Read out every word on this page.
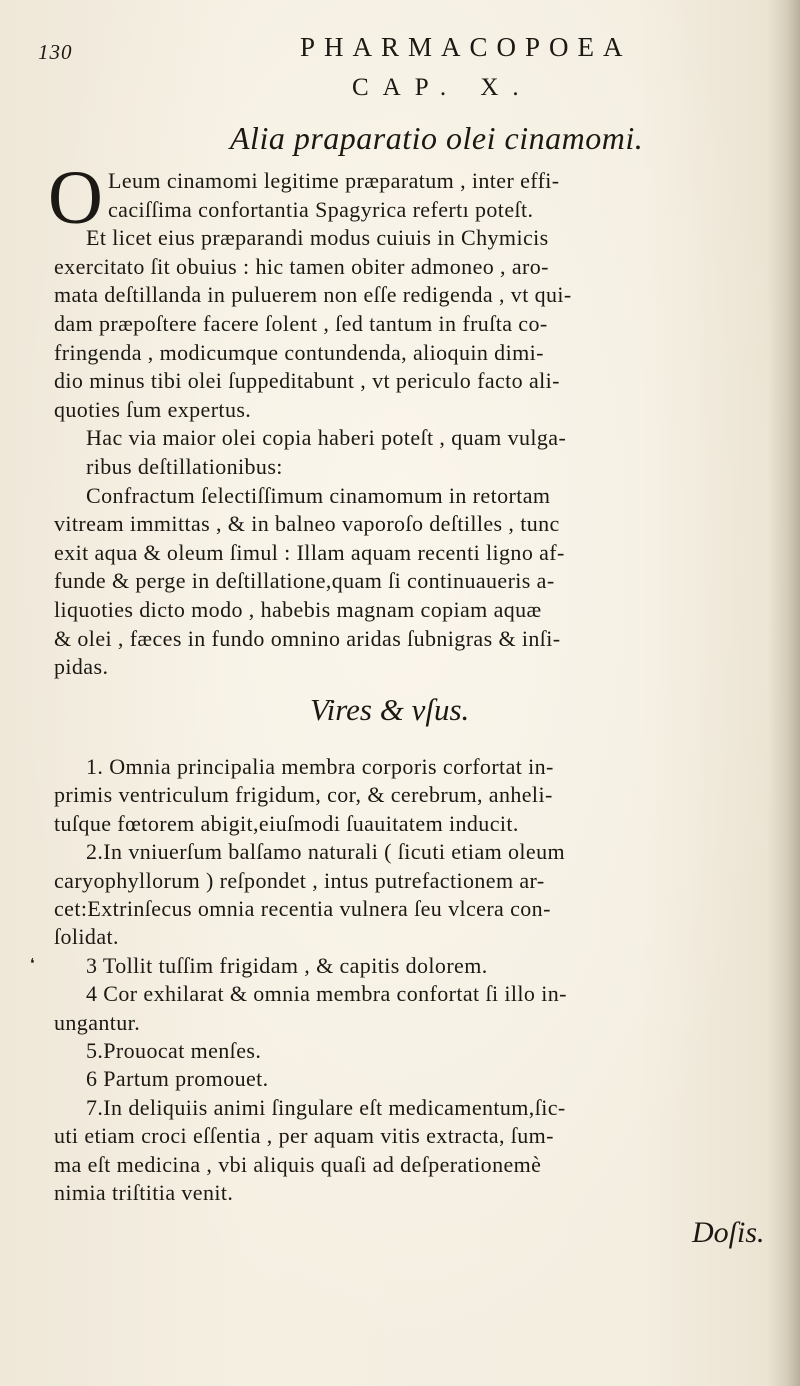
130	PHARMACOPOEA
CAP. X.
Alia praparatio olei cinamomi.
O Leum cinamomi legitime præparatum , inter effi-
caciſſima confortantia Spagyrica refertı poteſt.
Et licet eius præparandi modus cuiuis in Chymicis
exercitato ſit obuius : hic tamen obiter admoneo , aro-
mata deſtillanda in puluerem non eſſe redigenda , vt qui-
dam præpoſtere facere ſolent , ſed tantum in fruſta co-
fringenda , modicumque contundenda, alioquin dimi-
dio minus tibi olei ſuppeditabunt , vt periculo facto ali-
quoties ſum expertus.
Hac via maior olei copia haberi poteſt , quam vulga-
ribus deſtillationibus:
Confractum ſelectiſſimum cinamomum in retortam
vitream immittas , & in balneo vaporoſo deſtilles , tunc
exit aqua & oleum ſimul : Illam aquam recenti ligno af-
funde & perge in deſtillatione,quam ſi continuaueris a-
liquoties dicto modo , habebis magnam copiam aquæ
& olei , fæces in fundo omnino aridas ſubnigras & inſi-
pidas.
Vires & vſus.
1. Omnia principalia membra corporis corfortat in-
primis ventriculum frigidum, cor, & cerebrum, anheli-
tuſque fœtorem abigit,eiuſmodi ſuauitatem inducit.
2.In vniuerſum balſamo naturali ( ſicuti etiam oleum
caryophyllorum ) reſpondet , intus putrefactionem ar-
cet:Extrinſecus omnia recentia vulnera ſeu vlcera con-
ſolidat.
3 Tollit tuſſim frigidam , & capitis dolorem.
4 Cor exhilarat & omnia membra confortat ſi illo in-
ungantur.
5.Prouocat menſes.
6 Partum promouet.
7.In deliquiis animi ſingulare eſt medicamentum,ſic-
uti etiam croci eſſentia , per aquam vitis extracta, ſum-
ma eſt medicina , vbi aliquis quaſi ad deſperationemè
nimia triſtitia venit.
❛
Doſis.
